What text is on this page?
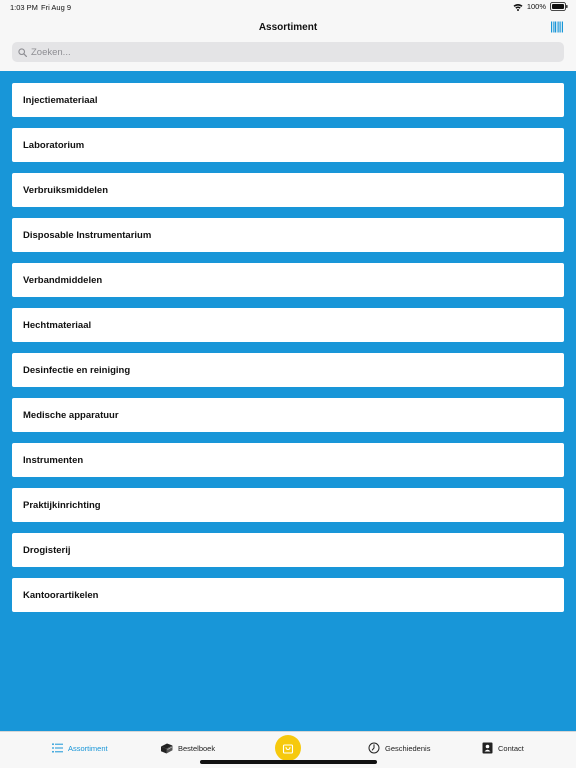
1:03 PM Fri Aug 9	100%
Assortiment
Zoeken...
Injectiemateriaal
Laboratorium
Verbruiksmiddelen
Disposable Instrumentarium
Verbandmiddelen
Hechtmateriaal
Desinfectie en reiniging
Medische apparatuur
Instrumenten
Praktijkinrichting
Drogisterij
Kantoorartikelen
Assortiment	Bestelboek	Geschiedenis	Contact
